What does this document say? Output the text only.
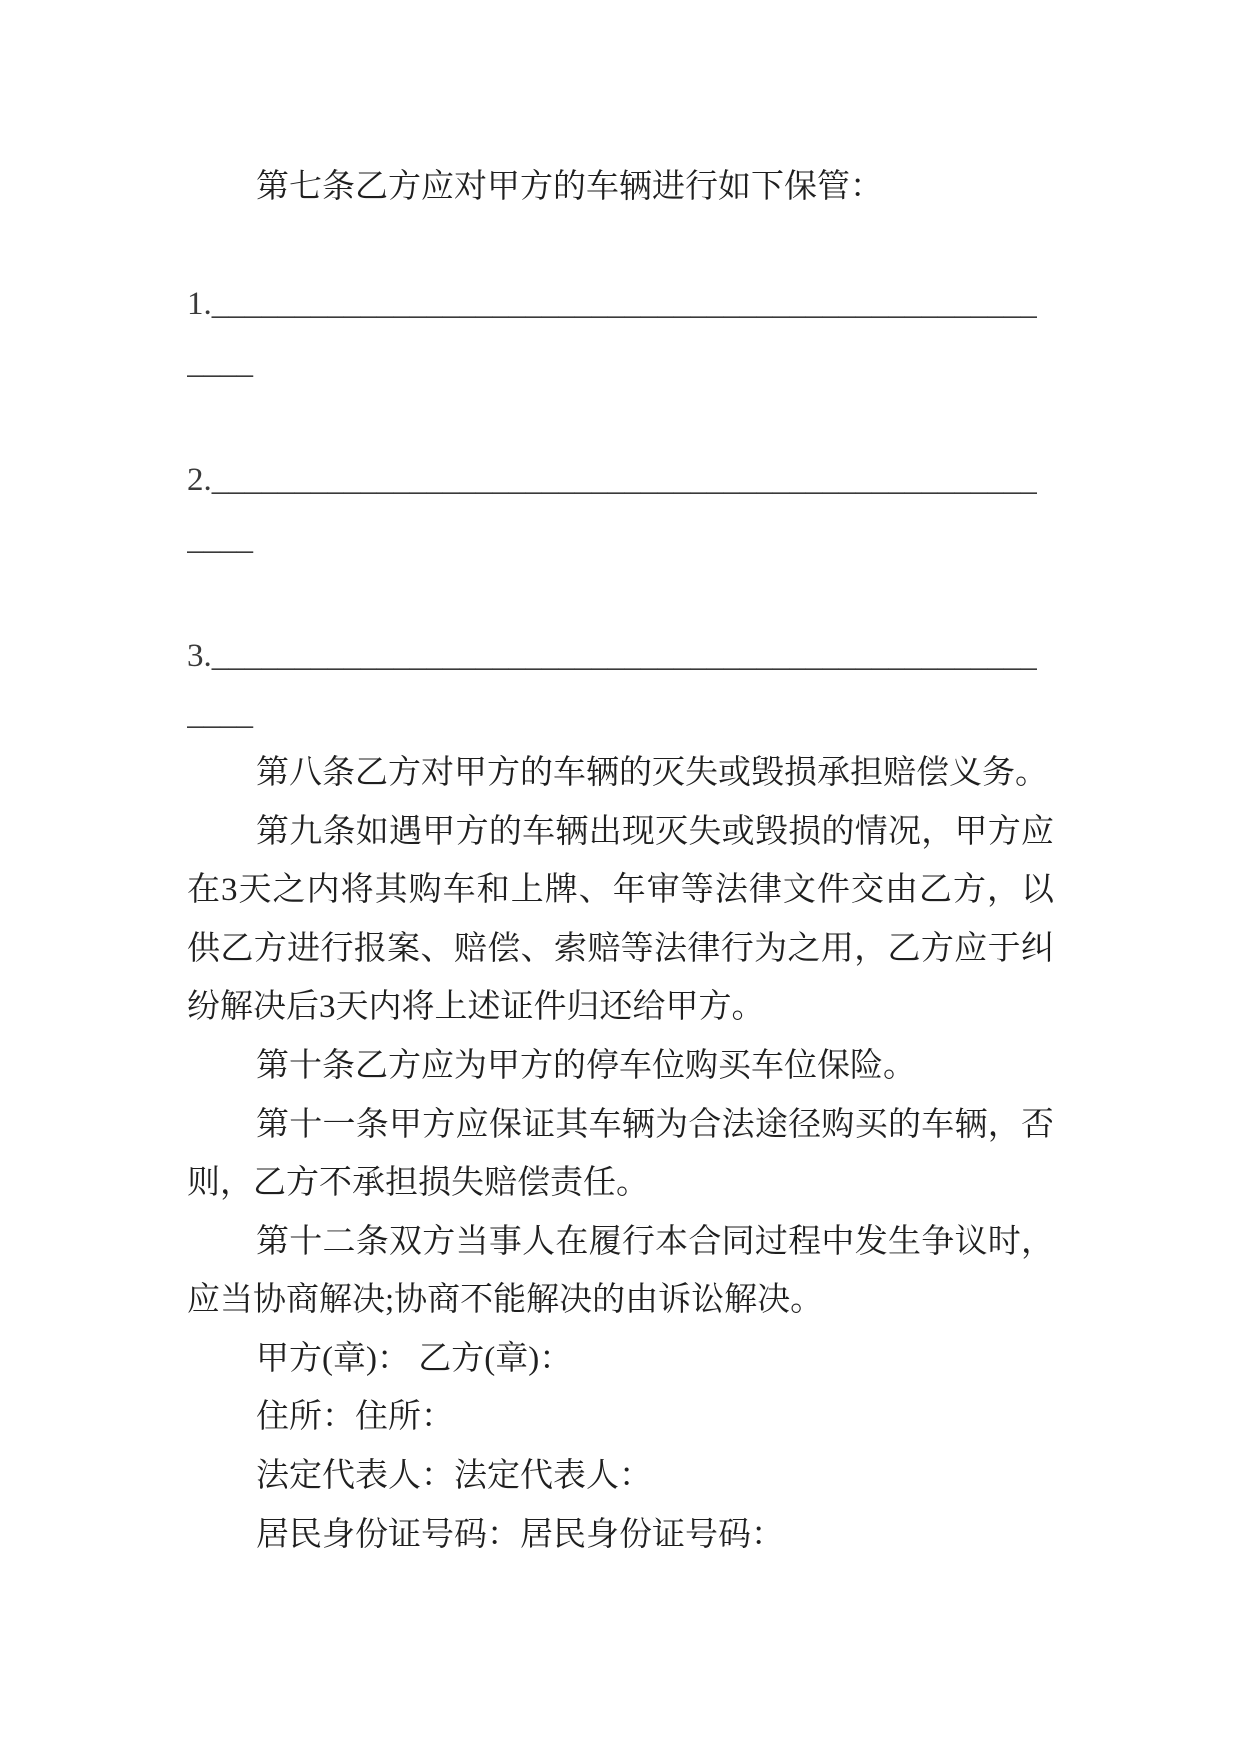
第七条乙方应对甲方的车辆进行如下保管：
1.__________________________________________________
____
2.__________________________________________________
____
3.__________________________________________________
____
第八条乙方对甲方的车辆的灭失或毁损承担赔偿义务。
第九条如遇甲方的车辆出现灭失或毁损的情况，甲方应
在3天之内将其购车和上牌、年审等法律文件交由乙方，以
供乙方进行报案、赔偿、索赔等法律行为之用，乙方应于纠
纷解决后3天内将上述证件归还给甲方。
第十条乙方应为甲方的停车位购买车位保险。
第十一条甲方应保证其车辆为合法途径购买的车辆，否
则，乙方不承担损失赔偿责任。
第十二条双方当事人在履行本合同过程中发生争议时，
应当协商解决;协商不能解决的由诉讼解决。
甲方(章)： 乙方(章)：
住所：住所：
法定代表人：法定代表人：
居民身份证号码：居民身份证号码：
